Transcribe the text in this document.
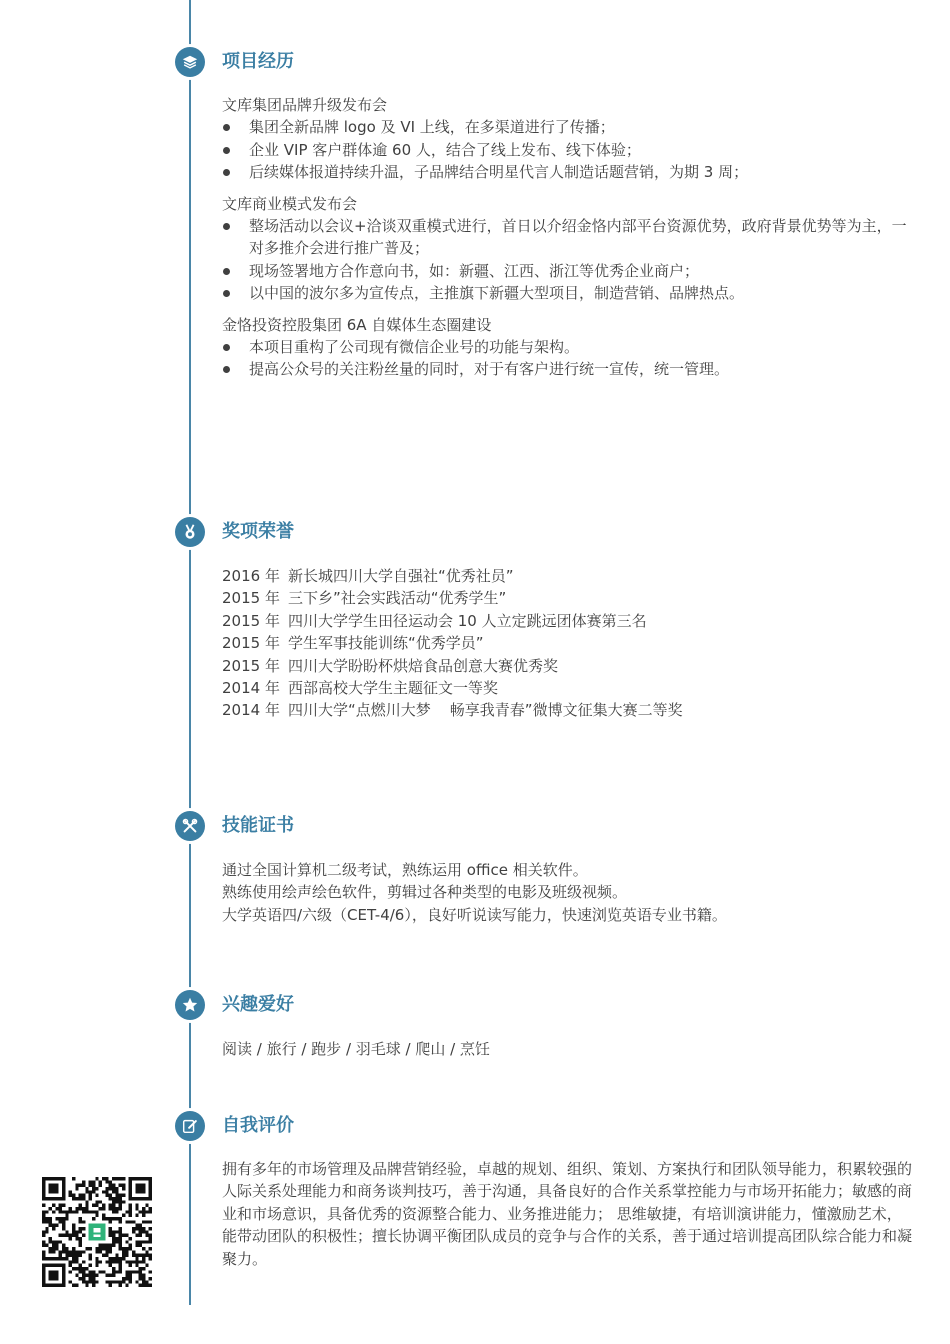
项目经历
文库集团品牌升级发布会
集团全新品牌 logo 及 VI 上线，在多渠道进行了传播；
企业 VIP 客户群体逾 60 人，结合了线上发布、线下体验；
后续媒体报道持续升温，子品牌结合明星代言人制造话题营销，为期 3 周；
文库商业模式发布会
整场活动以会议+洽谈双重模式进行，首日以介绍金恪内部平台资源优势，政府背景优势等为主，一对多推介会进行推广普及；
现场签署地方合作意向书，如：新疆、江西、浙江等优秀企业商户；
以中国的波尔多为宣传点，主推旗下新疆大型项目，制造营销、品牌热点。
金恪投资控股集团 6A 自媒体生态圈建设
本项目重构了公司现有微信企业号的功能与架构。
提高公众号的关注粉丝量的同时，对于有客户进行统一宣传，统一管理。
奖项荣誉
2016 年 新长城四川大学自强社“优秀社员”
2015 年 三下乡”社会实践活动“优秀学生”
2015 年 四川大学学生田径运动会 10 人立定跳远团体赛第三名
2015 年 学生军事技能训练“优秀学员”
2015 年 四川大学盼盼杯烘焙食品创意大赛优秀奖
2014 年 西部高校大学生主题征文一等奖
2014 年 四川大学“点燃川大梦    畅享我青春”微博文征集大赛二等奖
技能证书
通过全国计算机二级考试，熟练运用 office 相关软件。
熟练使用绘声绘色软件，剪辑过各种类型的电影及班级视频。
大学英语四/六级（CET-4/6），良好听说读写能力，快速浏览英语专业书籍。
兴趣爱好
阅读 / 旅行 / 跑步 / 羽毛球 / 爬山 / 烹饪
自我评价
拥有多年的市场管理及品牌营销经验，卓越的规划、组织、策划、方案执行和团队领导能力，积累较强的人际关系处理能力和商务谈判技巧，善于沟通，具备良好的合作关系掌控能力与市场开拓能力；敏感的商业和市场意识，具备优秀的资源整合能力、业务推进能力； 思维敏捷，有培训演讲能力，懂激励艺术，能带动团队的积极性；擅长协调平衡团队成员的竞争与合作的关系，善于通过培训提高团队综合能力和凝聚力。
